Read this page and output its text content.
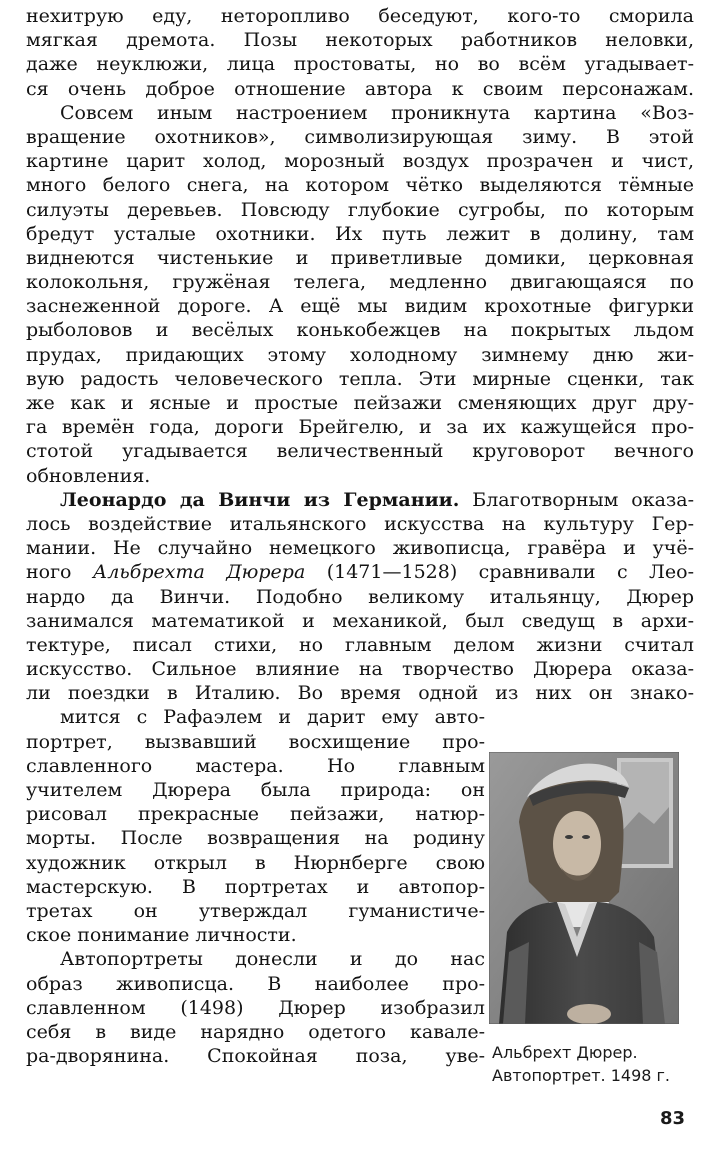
нехитрую еду, неторопливо беседуют, кого-то сморила
мягкая дремота. Позы некоторых работников неловки,
даже неуклюжи, лица простоваты, но во всём угадывает-
ся очень доброе отношение автора к своим персонажам.
Совсем иным настроением проникнута картина «Воз-
вращение охотников», символизирующая зиму. В этой
картине царит холод, морозный воздух прозрачен и чист,
много белого снега, на котором чётко выделяются тёмные
силуэты деревьев. Повсюду глубокие сугробы, по которым
бредут усталые охотники. Их путь лежит в долину, там
виднеются чистенькие и приветливые домики, церковная
колокольня, гружёная телега, медленно двигающаяся по
заснеженной дороге. А ещё мы видим крохотные фигурки
рыболовов и весёлых конькобежцев на покрытых льдом
прудах, придающих этому холодному зимнему дню жи-
вую радость человеческого тепла. Эти мирные сценки, так
же как и ясные и простые пейзажи сменяющих друг дру-
га времён года, дороги Брейгелю, и за их кажущейся про-
стотой угадывается величественный круговорот вечного
обновления.
Леонардо да Винчи из Германии. Благотворным оказа-
лось воздействие итальянского искусства на культуру Гер-
мании. Не случайно немецкого живописца, гравёра и учё-
ного Альбрехта Дюрера (1471—1528) сравнивали с Лео-
нардо да Винчи. Подобно великому итальянцу, Дюрер
занимался математикой и механикой, был сведущ в архи-
тектуре, писал стихи, но главным делом жизни считал
искусство. Сильное влияние на творчество Дюрера оказа-
ли поездки в Италию. Во время одной из них он знако-
мится с Рафаэлем и дарит ему авто-
портрет, вызвавший восхищение про-
славленного мастера. Но главным
учителем Дюрера была природа: он
рисовал прекрасные пейзажи, натюр-
морты. После возвращения на родину
художник открыл в Нюрнберге свою
мастерскую. В портретах и автопор-
третах он утверждал гуманистиче-
ское понимание личности.
Автопортреты донесли и до нас
образ живописца. В наиболее про-
славленном (1498) Дюрер изобразил
себя в виде нарядно одетого кавале-
ра-дворянина. Спокойная поза, уве- Альбрехт Дюрер.
Автопортрет. 1498 г.
83
